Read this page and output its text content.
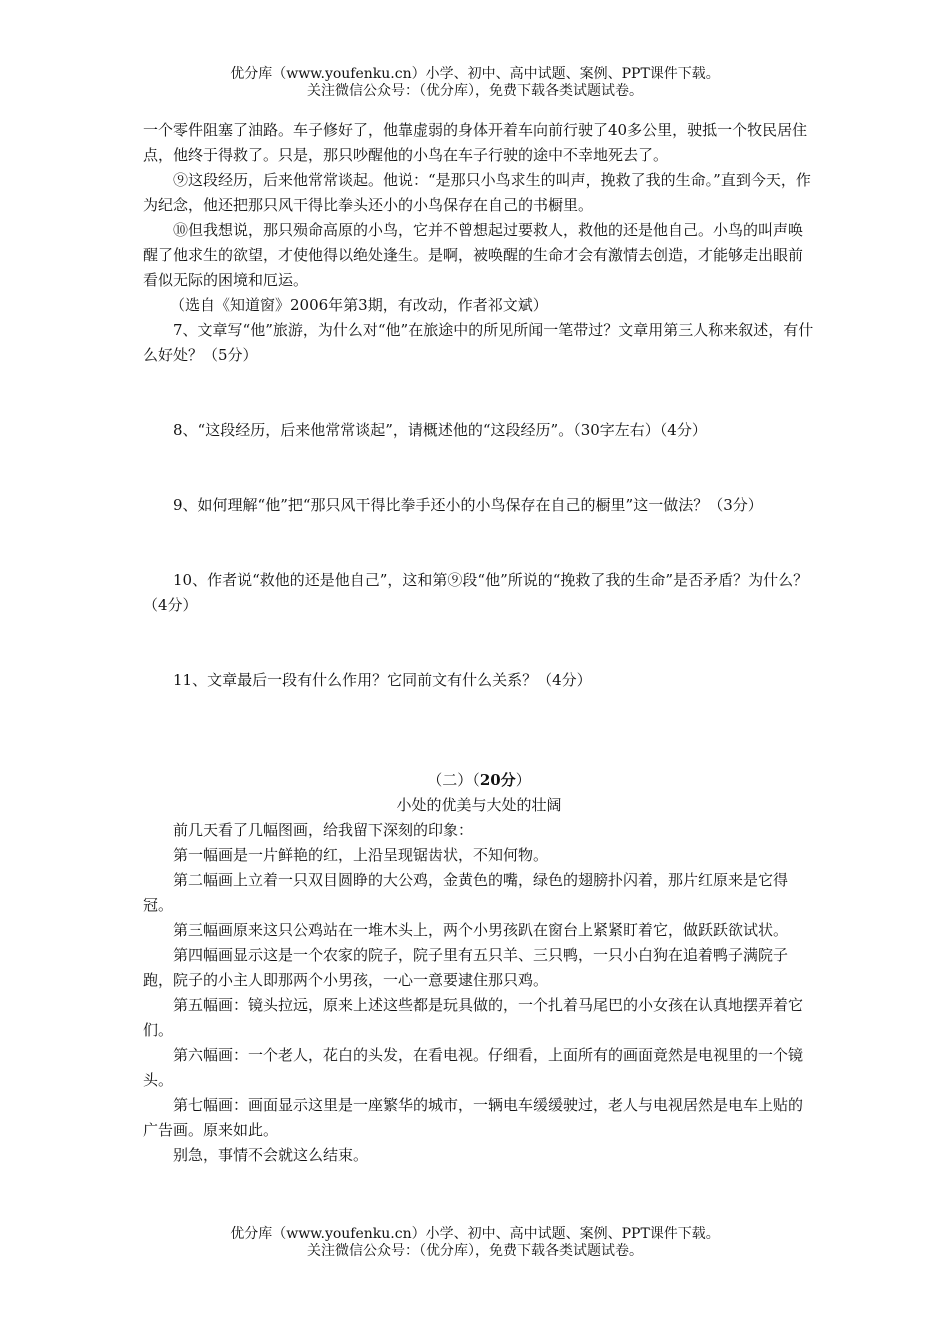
优分库（www.youfenku.cn）小学、初中、高中试题、案例、PPT课件下载。
关注微信公众号：（优分库），免费下载各类试题试卷。

一个零件阻塞了油路。车子修好了，他靠虚弱的身体开着车向前行驶了40多公里，驶抵一个牧民居住点，他终于得救了。只是，那只吵醒他的小鸟在车子行驶的途中不幸地死去了。

⑨这段经历，后来他常常谈起。他说：“是那只小鸟求生的叫声，挽救了我的生命。”直到今天，作为纪念，他还把那只风干得比拳头还小的小鸟保存在自己的书橱里。

⑩但我想说，那只殒命高原的小鸟，它并不曾想起过要救人，救他的还是他自己。小鸟的叫声唤醒了他求生的欲望，才使他得以绝处逢生。是啊，被唤醒的生命才会有激情去创造，才能够走出眼前看似无际的困境和厄运。

（选自《知道窗》2006年第3期，有改动，作者祁文斌）

7、文章写“他”旅游，为什么对“他”在旅途中的所见所闻一笔带过？文章用第三人称来叙述，有什么好处？（5分）

8、“这段经历，后来他常常谈起”，请概述他的“这段经历”。（30字左右）（4分）

9、如何理解“他”把“那只风干得比拳手还小的小鸟保存在自己的橱里”这一做法？（3分）

10、作者说“救他的还是他自己”，这和第⑨段“他”所说的“挽救了我的生命”是否矛盾？为什么？（4分）

11、文章最后一段有什么作用？它同前文有什么关系？（4分）

（二）（20分）

小处的优美与大处的壮阔

前几天看了几幅图画，给我留下深刻的印象：

第一幅画是一片鲜艳的红，上沿呈现锯齿状，不知何物。

第二幅画上立着一只双目圆睁的大公鸡，金黄色的嘴，绿色的翅膀扑闪着，那片红原来是它得冠。

第三幅画原来这只公鸡站在一堆木头上，两个小男孩趴在窗台上紧紧盯着它，做跃跃欲试状。

第四幅画显示这是一个农家的院子，院子里有五只羊、三只鸭，一只小白狗在追着鸭子满院子跑，院子的小主人即那两个小男孩，一心一意要逮住那只鸡。

第五幅画：镜头拉远，原来上述这些都是玩具做的，一个扎着马尾巴的小女孩在认真地摆弄着它们。

第六幅画：一个老人，花白的头发，在看电视。仔细看，上面所有的画面竟然是电视里的一个镜头。

第七幅画：画面显示这里是一座繁华的城市，一辆电车缓缓驶过，老人与电视居然是电车上贴的广告画。原来如此。

别急，事情不会就这么结束。

优分库（www.youfenku.cn）小学、初中、高中试题、案例、PPT课件下载。
关注微信公众号：（优分库），免费下载各类试题试卷。
